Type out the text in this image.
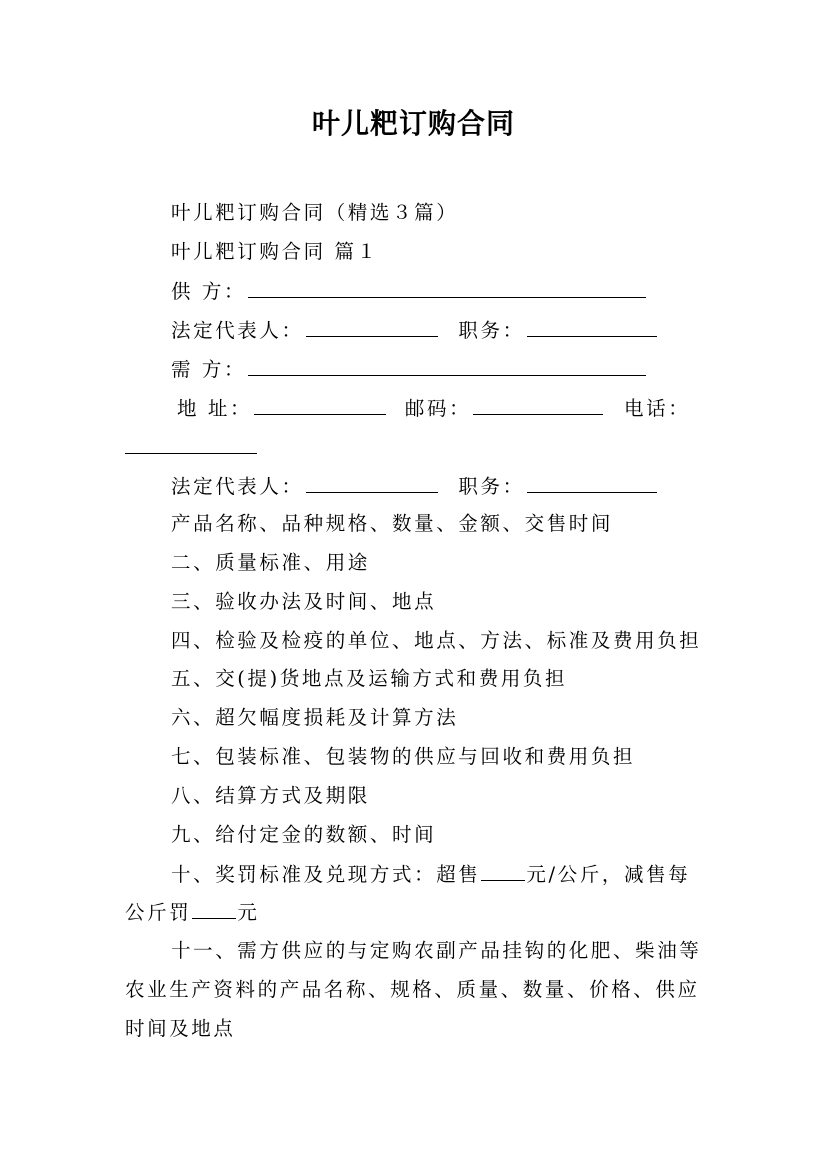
叶儿粑订购合同
叶儿粑订购合同（精选３篇）
叶儿粑订购合同 篇１
供 方：
法定代表人：	职务：
需 方：
地 址：	邮码：	电话：
法定代表人：	职务：
产品名称、品种规格、数量、金额、交售时间
二、质量标准、用途
三、验收办法及时间、地点
四、检验及检疫的单位、地点、方法、标准及费用负担
五、交(提)货地点及运输方式和费用负担
六、超欠幅度损耗及计算方法
七、包装标准、包装物的供应与回收和费用负担
八、结算方式及期限
九、给付定金的数额、时间
十、奖罚标准及兑现方式：超售 元/公斤，减售每
公斤罚 元
十一、需方供应的与定购农副产品挂钩的化肥、柴油等
农业生产资料的产品名称、规格、质量、数量、价格、供应
时间及地点
